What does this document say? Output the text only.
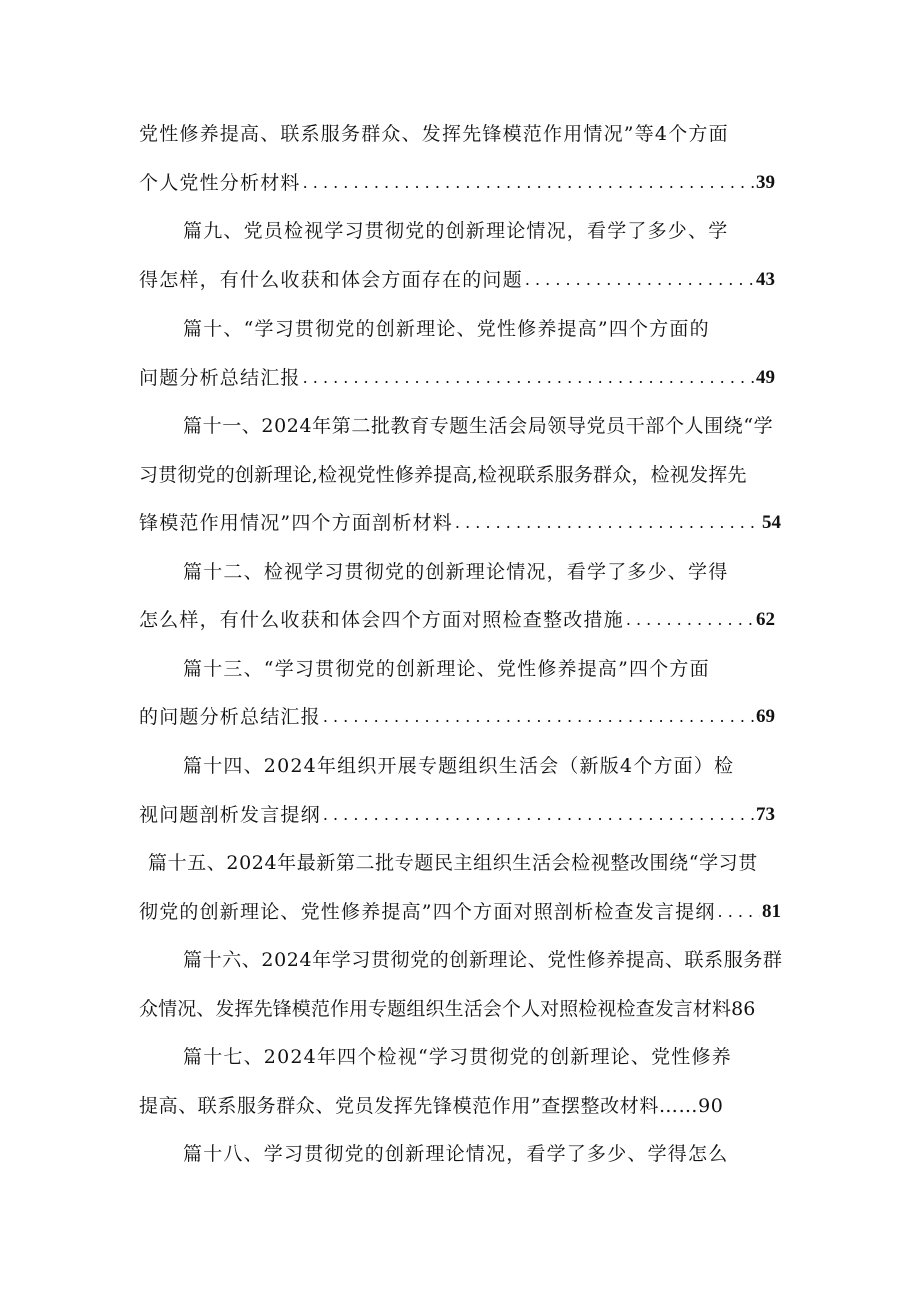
党性修养提高、联系服务群众、发挥先锋模范作用情况”等4个方面
个人党性分析材料 . . .	39
篇九、党员检视学习贯彻党的创新理论情况，看学了多少、学
得怎样，有什么收获和体会方面存在的问题 . . .	43
篇十、“学习贯彻党的创新理论、党性修养提高”四个方面的
问题分析总结汇报 . . .	49
篇十一、2024年第二批教育专题生活会局领导党员干部个人围绕“学
习贯彻党的创新理论,检视党性修养提高,检视联系服务群众，检视发挥先
锋模范作用情况”四个方面剖析材料 . . .	54
篇十二、检视学习贯彻党的创新理论情况，看学了多少、学得
怎么样，有什么收获和体会四个方面对照检查整改措施 . . .	62
篇十三、“学习贯彻党的创新理论、党性修养提高”四个方面
的问题分析总结汇报 . . .	69
篇十四、2024年组织开展专题组织生活会（新版4个方面）检
视问题剖析发言提纲 . . .	73
篇十五、2024年最新第二批专题民主组织生活会检视整改围绕“学习贯
彻党的创新理论、党性修养提高”四个方面对照剖析检查发言提纲 . . . 81
篇十六、2024年学习贯彻党的创新理论、党性修养提高、联系服务群
众情况、发挥先锋模范作用专题组织生活会个人对照检视检查发言材料86
篇十七、2024年四个检视“学习贯彻党的创新理论、党性修养
提高、联系服务群众、党员发挥先锋模范作用”查摆整改材料……90
篇十八、学习贯彻党的创新理论情况，看学了多少、学得怎么
